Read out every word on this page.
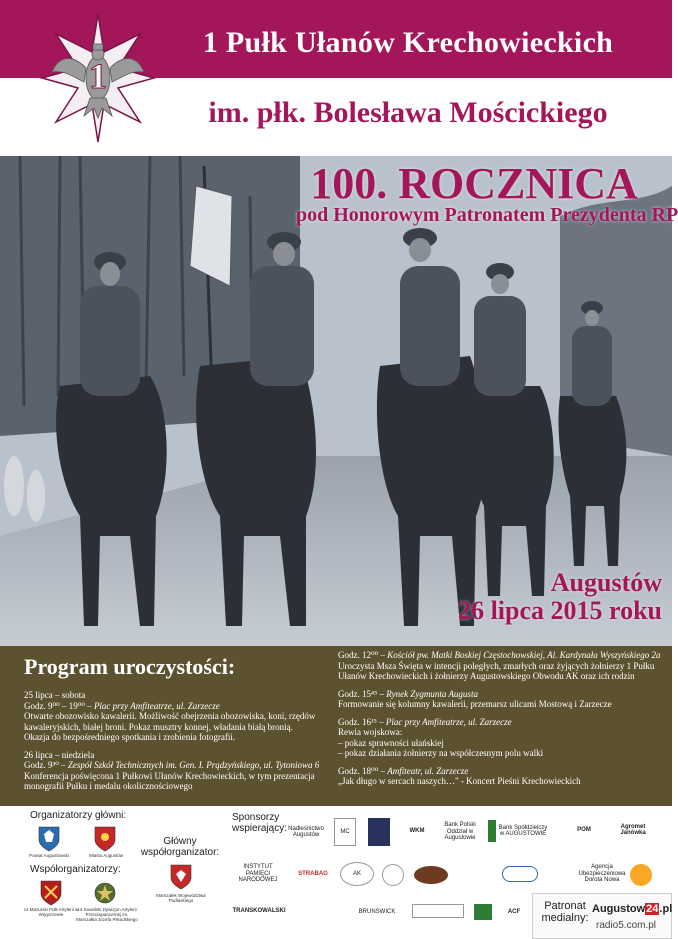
1
1 Pułk Ułanów Krechowieckich
im. płk. Bolesława Mościckiego
100. ROCZNICA
pod Honorowym Patronatem Prezydenta RP
Augustów
26 lipca 2015 roku
Program uroczystości:
25 lipca – sobota
Godz. 9⁰⁰ – 19⁰⁰ – Plac przy Amfiteatrze, ul. Zarzecze
Otwarte obozowisko kawalerii. Możliwość obejrzenia obozowiska, koni, rzędów
kawaleryjskich, białej broni. Pokaz musztry konnej, władania białą bronią.
Okazja do bezpośredniego spotkania i zrobienia fotografii.
26 lipca – niedziela
Godz. 9³⁰ – Zespół Szkół Technicznych im. Gen. I. Prądzyńskiego, ul. Tytoniowa 6
Konferencja poświęcona 1 Pułkowi Ułanów Krechowieckich, w tym prezentacja
monografii Pułku i medalu okolicznościowego
Godz. 12⁰⁰ – Kościół pw. Matki Boskiej Częstochowskiej, Al. Kardynała Wyszyńskiego 2a
Uroczysta Msza Święta w intencji poległych, zmarłych oraz żyjących żołnierzy 1 Pułku
Ułanów Krechowieckich i żołnierzy Augustowskiego Obwodu AK oraz ich rodzin
Godz. 15⁴⁵ – Rynek Zygmunta Augusta
Formowanie się kolumny kawalerii, przemarsz ulicami Mostową i Zarzecze
Godz. 16¹⁵ – Plac przy Amfiteatrze, ul. Zarzecze
Rewia wojskowa:
– pokaz sprawności ułańskiej
– pokaz działania żołnierzy na współczesnym polu walki
Godz. 18⁰⁰ – Amfiteatr, ul. Zarzecze
„Jak długo w sercach naszych…" - Koncert Pieśni Krechowieckich
Organizatorzy główni:
Powiat Augustowski	Miasto Augustów
Współorganizatorzy:
11 Mazurski Pułk Artylerii w Węgorzewie
14 Suwalski Dywizjon Artylerii Przeciwpancernej im. Marszałka Józefa Piłsudskiego
Główny współorganizator:
Marszałek Województwa Podlaskiego
Sponsorzy wspierający: Nadleśnictwo Augustów
MC	WKM
Bank Polski Oddział w Augustowie
Bank Spółdzielczy w AUGUSTOWIE
POM
Agromet Janówka
INSTYTUT PAMIĘCI NARODOWEJ
STRABAG	AK
Agencja Ubezpieczeniowa Dorota Nowa
TRANSKOWALSKI	BRUNSWICK	ACF	Patronat medialny:
Augustow24.pl
radio5.com.pl
